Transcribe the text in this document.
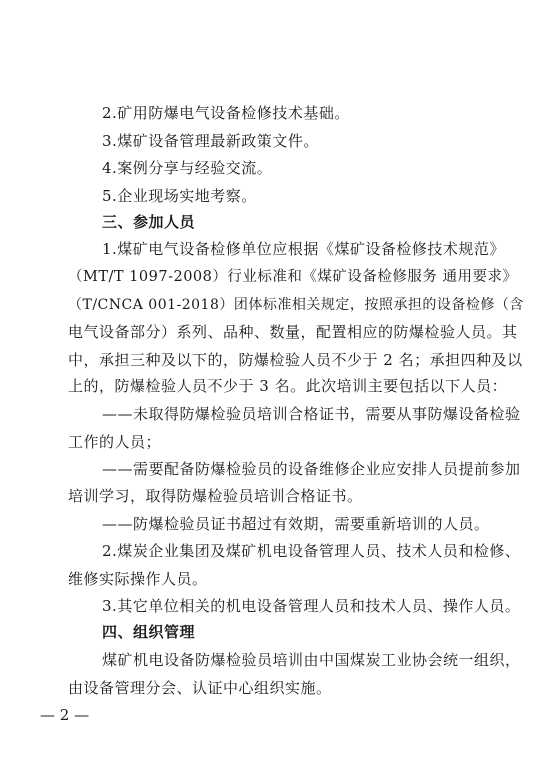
2.矿用防爆电气设备检修技术基础。
3.煤矿设备管理最新政策文件。
4.案例分享与经验交流。
5.企业现场实地考察。
三、参加人员
1.煤矿电气设备检修单位应根据《煤矿设备检修技术规范》
（MT/T 1097-2008）行业标准和《煤矿设备检修服务 通用要求》
（T/CNCA 001-2018）团体标准相关规定，按照承担的设备检修（含
电气设备部分）系列、品种、数量，配置相应的防爆检验人员。其
中，承担三种及以下的，防爆检验人员不少于 2 名；承担四种及以
上的，防爆检验人员不少于 3 名。此次培训主要包括以下人员：
——未取得防爆检验员培训合格证书，需要从事防爆设备检验
工作的人员；
——需要配备防爆检验员的设备维修企业应安排人员提前参加
培训学习，取得防爆检验员培训合格证书。
——防爆检验员证书超过有效期，需要重新培训的人员。
2.煤炭企业集团及煤矿机电设备管理人员、技术人员和检修、
维修实际操作人员。
3.其它单位相关的机电设备管理人员和技术人员、操作人员。
四、组织管理
煤矿机电设备防爆检验员培训由中国煤炭工业协会统一组织，
由设备管理分会、认证中心组织实施。
— 2 —
